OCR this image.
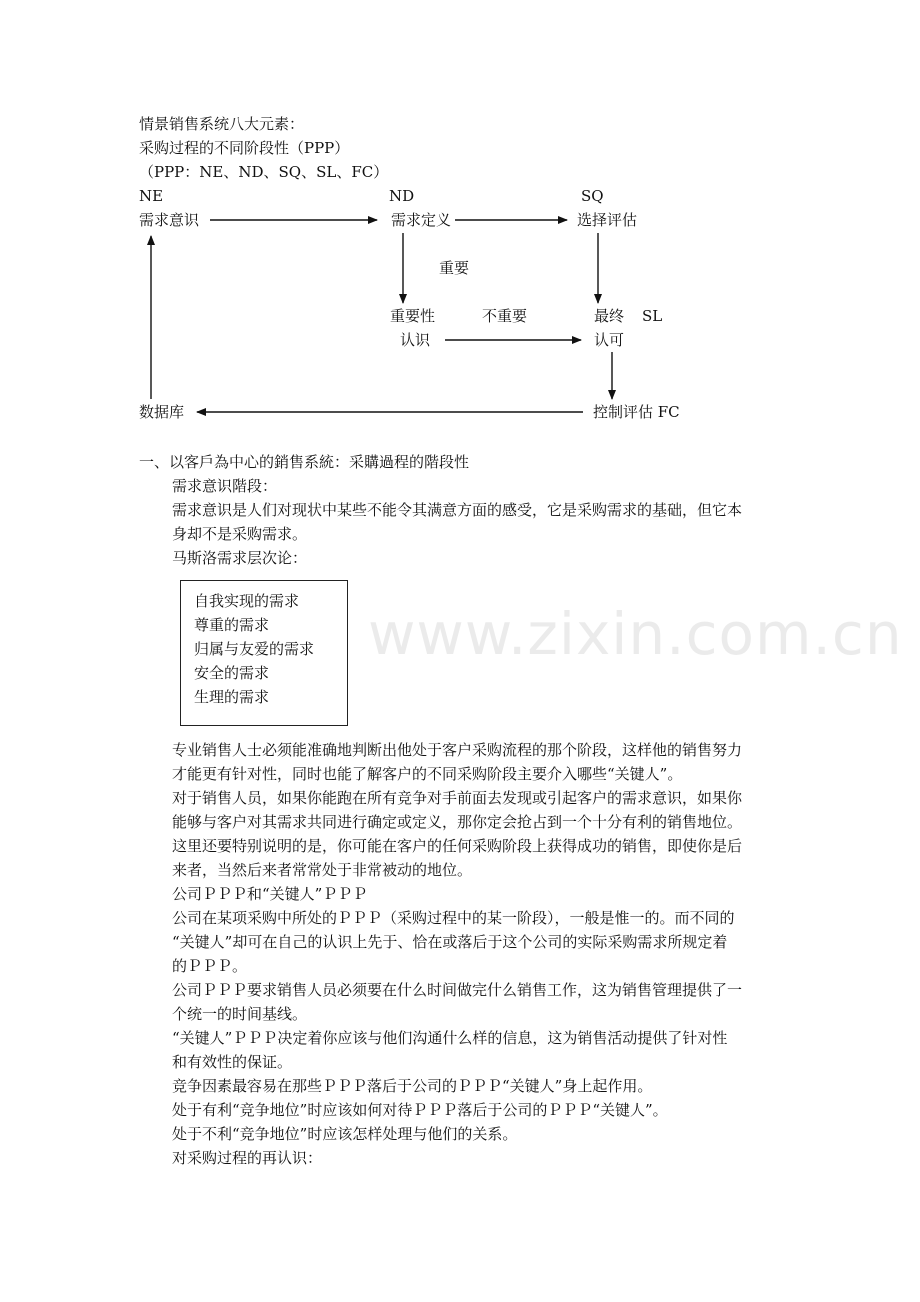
www.zixin.com.cn
情景销售系统八大元素：
采购过程的不同阶段性（PPP）
（PPP：NE、ND、SQ、SL、FC）
NE	ND	SQ
需求意识	需求定义	选择评估
重要
重要性	不重要	最终 SL
认识	认可
数据库	控制评估 FC
一、以客戶為中心的銷售系統：采購過程的階段性
需求意识階段：
需求意识是人们对现状中某些不能令其满意方面的感受，它是采购需求的基础，但它本
身却不是采购需求。
马斯洛需求层次论：
自我实现的需求
尊重的需求
归属与友爱的需求
安全的需求
生理的需求
专业销售人士必须能准确地判断出他处于客户采购流程的那个阶段，这样他的销售努力
才能更有针对性，同时也能了解客户的不同采购阶段主要介入哪些“关键人”。
对于销售人员，如果你能跑在所有竞争对手前面去发现或引起客户的需求意识，如果你
能够与客户对其需求共同进行确定或定义，那你定会抢占到一个十分有利的销售地位。
这里还要特别说明的是，你可能在客户的任何采购阶段上获得成功的销售，即使你是后
来者，当然后来者常常处于非常被动的地位。
公司ＰＰＰ和“关键人”ＰＰＰ
公司在某项采购中所处的ＰＰＰ（采购过程中的某一阶段），一般是惟一的。而不同的
“关键人”却可在自己的认识上先于、恰在或落后于这个公司的实际采购需求所规定着
的ＰＰＰ。
公司ＰＰＰ要求销售人员必须要在什么时间做完什么销售工作，这为销售管理提供了一
个统一的时间基线。
“关键人”ＰＰＰ决定着你应该与他们沟通什么样的信息，这为销售活动提供了针对性
和有效性的保证。
竞争因素最容易在那些ＰＰＰ落后于公司的ＰＰＰ“关键人”身上起作用。
处于有利“竞争地位”时应该如何对待ＰＰＰ落后于公司的ＰＰＰ“关键人”。
处于不利“竞争地位”时应该怎样处理与他们的关系。
对采购过程的再认识：
